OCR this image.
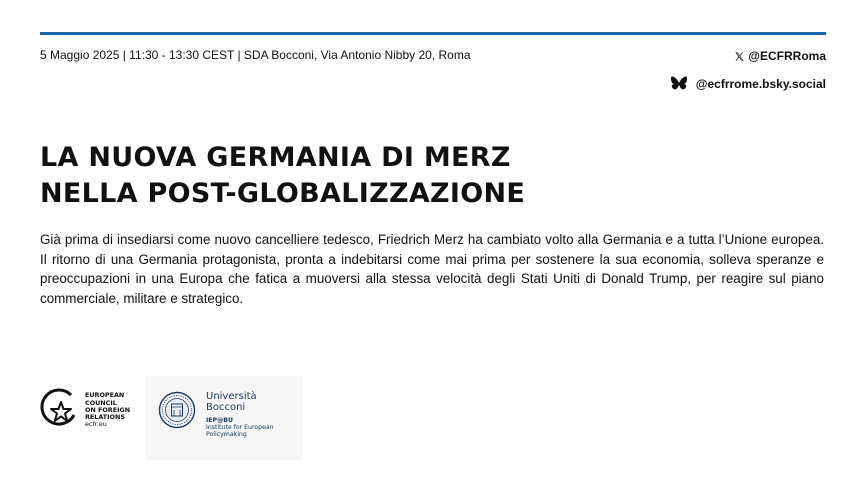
5 Maggio 2025 | 11:30 - 13:30 CEST | SDA Bocconi, Via Antonio Nibby 20, Roma	@ECFRRoma
@ecfrrome.bsky.social
LA NUOVA GERMANIA DI MERZ
NELLA POST-GLOBALIZZAZIONE

Già prima di insediarsi come nuovo cancelliere tedesco, Friedrich Merz ha cambiato volto alla Germania e a tutta l’Unione europea. Il ritorno di una Germania protagonista, pronta a indebitarsi come mai prima per sostenere la sua economia, solleva speranze e preoccupazioni in una Europa che fatica a muoversi alla stessa velocità degli Stati Uniti di Donald Trump, per reagire sul piano commerciale, militare e strategico.

EUROPEAN
COUNCIL
ON FOREIGN
RELATIONS
ecfr.eu
Università
Bocconi
IEP@BU
Institute for European
Policymaking
